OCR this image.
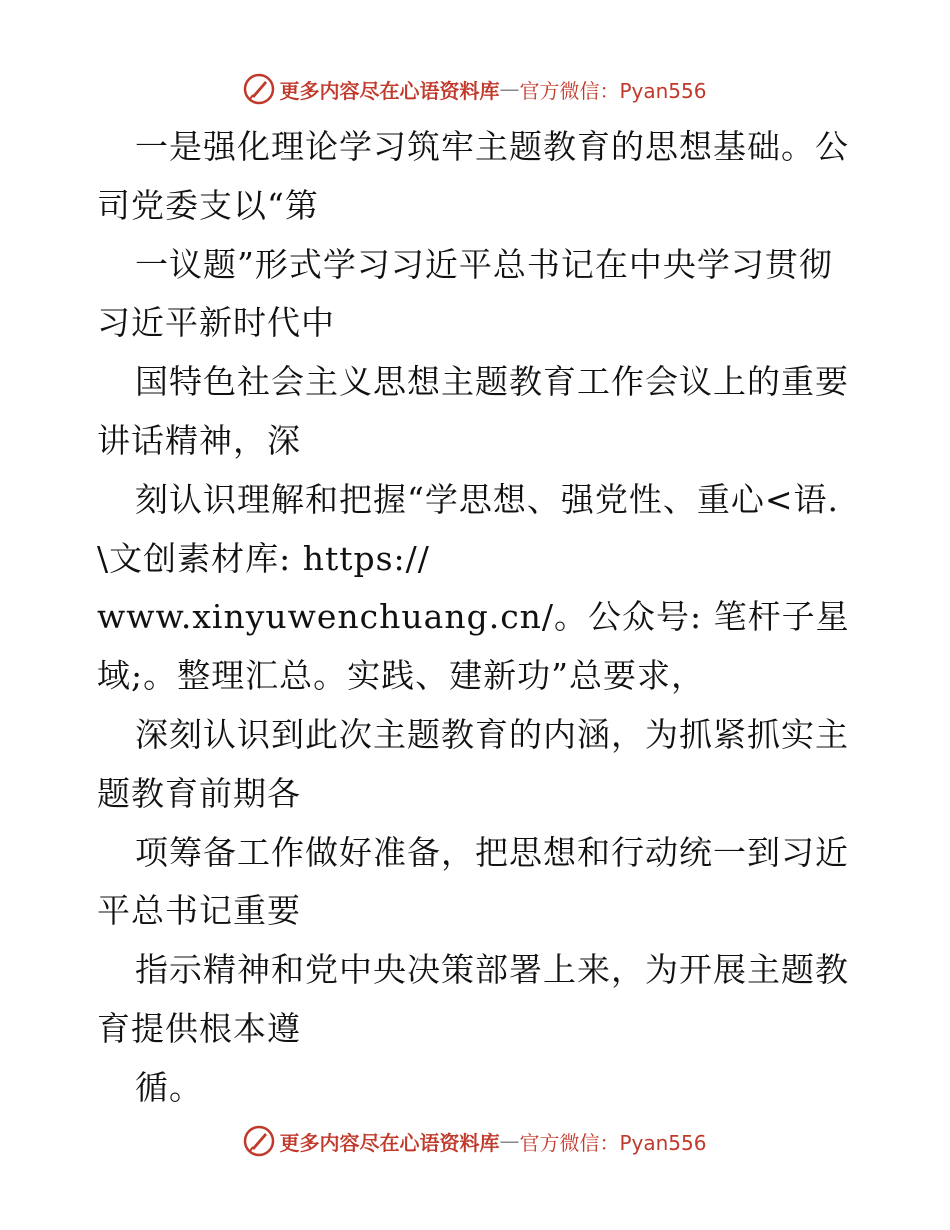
更多内容尽在心语资料库 — 官方微信：Pyan556
一是强化理论学习筑牢主题教育的思想基础。公
司党委支以“第
一议题”形式学习习近平总书记在中央学习贯彻
习近平新时代中
国特色社会主义思想主题教育工作会议上的重要
讲话精神，深
刻认识理解和把握“学思想、强党性、重心<语.
\文创素材库: https://
www.xinyuwenchuang.cn/。公众号: 笔杆子星
域;。整理汇总。实践、建新功”总要求，
深刻认识到此次主题教育的内涵，为抓紧抓实主
题教育前期各
项筹备工作做好准备，把思想和行动统一到习近
平总书记重要
指示精神和党中央决策部署上来，为开展主题教
育提供根本遵
循。
更多内容尽在心语资料库 — 官方微信：Pyan556
